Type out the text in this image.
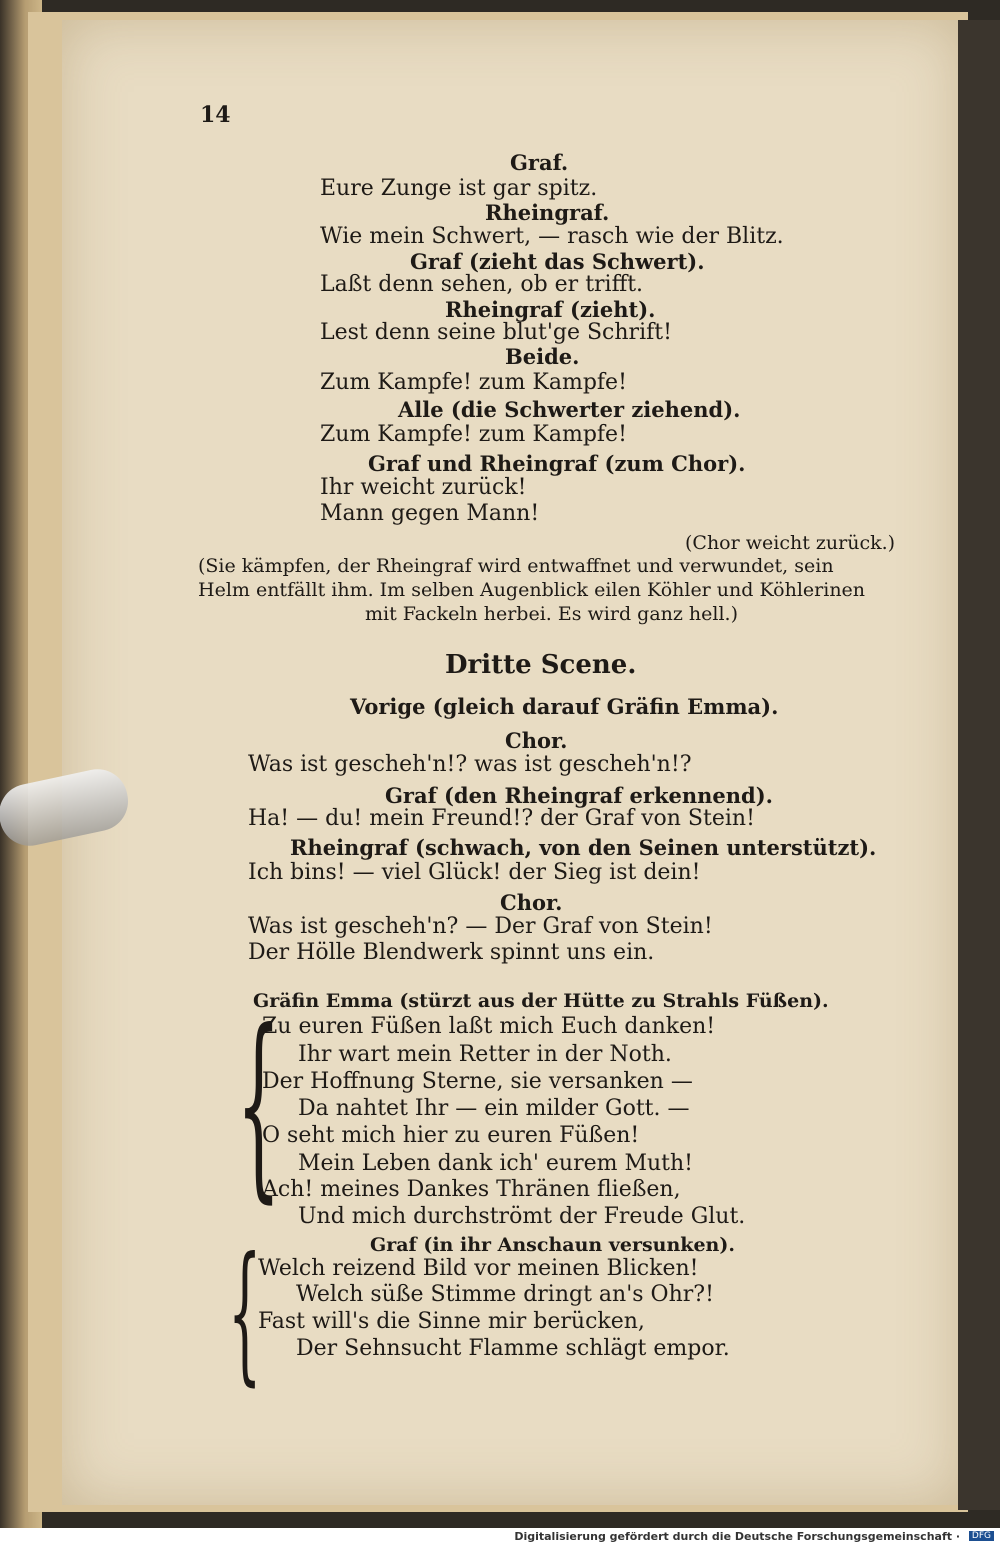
14
Graf.
Eure Zunge ist gar spitz.
Rheingraf.
Wie mein Schwert, — rasch wie der Blitz.
Graf (zieht das Schwert).
Laßt denn sehen, ob er trifft.
Rheingraf (zieht).
Lest denn seine blut'ge Schrift!
Beide.
Zum Kampfe! zum Kampfe!
Alle (die Schwerter ziehend).
Zum Kampfe! zum Kampfe!
Graf und Rheingraf (zum Chor).
Ihr weicht zurück!
Mann gegen Mann!
(Chor weicht zurück.)
(Sie kämpfen, der Rheingraf wird entwaffnet und verwundet, sein
Helm entfällt ihm. Im selben Augenblick eilen Köhler und Köhlerinen
mit Fackeln herbei. Es wird ganz hell.)
Dritte Scene.
Vorige (gleich darauf Gräfin Emma).
Chor.
Was ist gescheh'n!? was ist gescheh'n!?
Graf (den Rheingraf erkennend).
Ha! — du! mein Freund!? der Graf von Stein!
Rheingraf (schwach, von den Seinen unterstützt).
Ich bins! — viel Glück! der Sieg ist dein!
Chor.
Was ist gescheh'n? — Der Graf von Stein!
Der Hölle Blendwerk spinnt uns ein.
Gräfin Emma (stürzt aus der Hütte zu Strahls Füßen).
{
Zu euren Füßen laßt mich Euch danken!
Ihr wart mein Retter in der Noth.
Der Hoffnung Sterne, sie versanken —
Da nahtet Ihr — ein milder Gott. —
O seht mich hier zu euren Füßen!
Mein Leben dank ich' eurem Muth!
Ach! meines Dankes Thränen fließen,
Und mich durchströmt der Freude Glut.
Graf (in ihr Anschaun versunken).
{
Welch reizend Bild vor meinen Blicken!
Welch süße Stimme dringt an's Ohr?!
Fast will's die Sinne mir berücken,
Der Sehnsucht Flamme schlägt empor.
Digitalisierung gefördert durch die Deutsche Forschungsgemeinschaft ·	DFG
